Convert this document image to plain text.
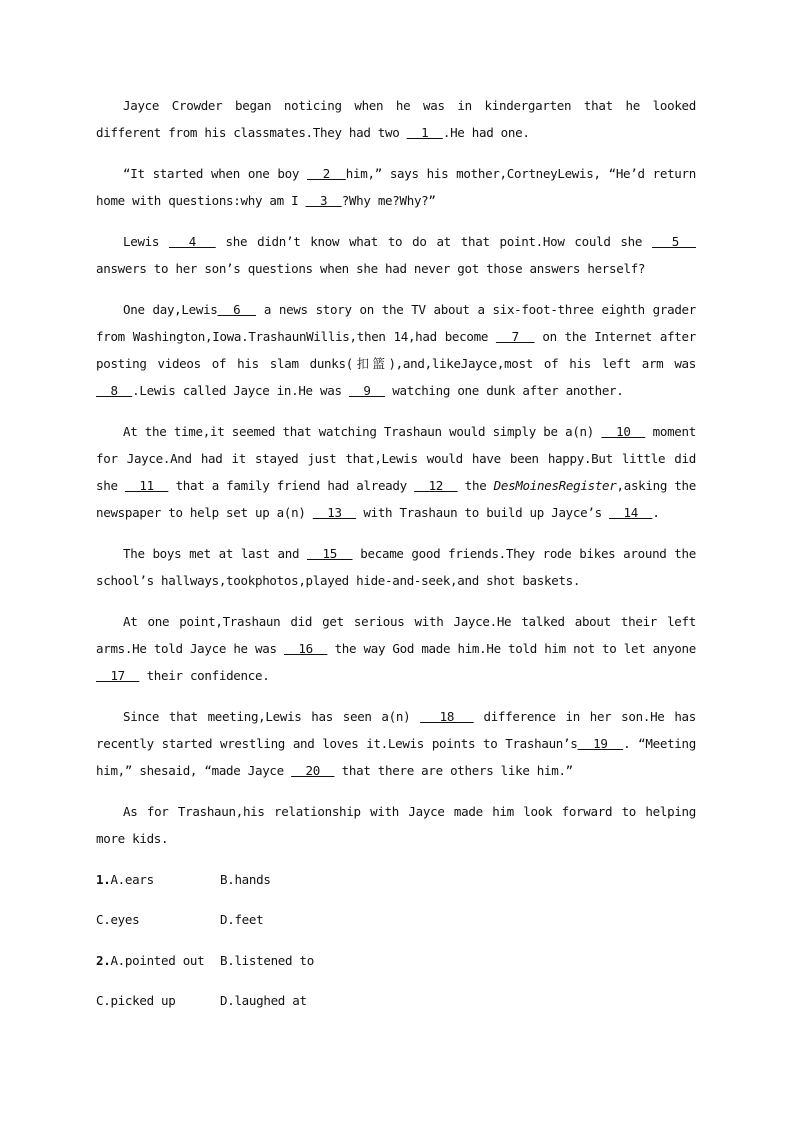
Jayce Crowder began noticing when he was in kindergarten that he looked different from his classmates.They had two   1  .He had one.

“It started when one boy   2  him,” says his mother,CortneyLewis, “He’d return home with questions:why am I   3  ?Why me?Why?”

Lewis   4   she didn’t know what to do at that point.How could she   5   answers to her son’s questions when she had never got those answers herself?

One day,Lewis  6   a news story on the TV about a six-foot-three eighth grader from Washington,Iowa.TrashaunWillis,then 14,had become   7   on the Internet after posting videos of his slam dunks(扣篮),and,likeJayce,most of his left arm was   8  .Lewis called Jayce in.He was   9   watching one dunk after another.

At the time,it seemed that watching Trashaun would simply be a(n)   10   moment for Jayce.And had it stayed just that,Lewis would have been happy.But little did she   11   that a family friend had already   12   the DesMoinesRegister,asking the newspaper to help set up a(n)   13   with Trashaun to build up Jayce’s   14  .

The boys met at last and   15   became good friends.They rode bikes around the school’s hallways,tookphotos,played hide-and-seek,and shot baskets.

At one point,Trashaun did get serious with Jayce.He talked about their left arms.He told Jayce he was   16   the way God made him.He told him not to let anyone   17   their confidence.

Since that meeting,Lewis has seen a(n)   18   difference in her son.He has recently started wrestling and loves it.Lewis points to Trashaun’s  19  . “Meeting him,” shesaid, “made Jayce   20   that there are others like him.”

As for Trashaun,his relationship with Jayce made him look forward to helping more kids.

1.A.ears	B.hands
C.eyes	D.feet
2.A.pointed out B.listened to
C.picked up	D.laughed at
